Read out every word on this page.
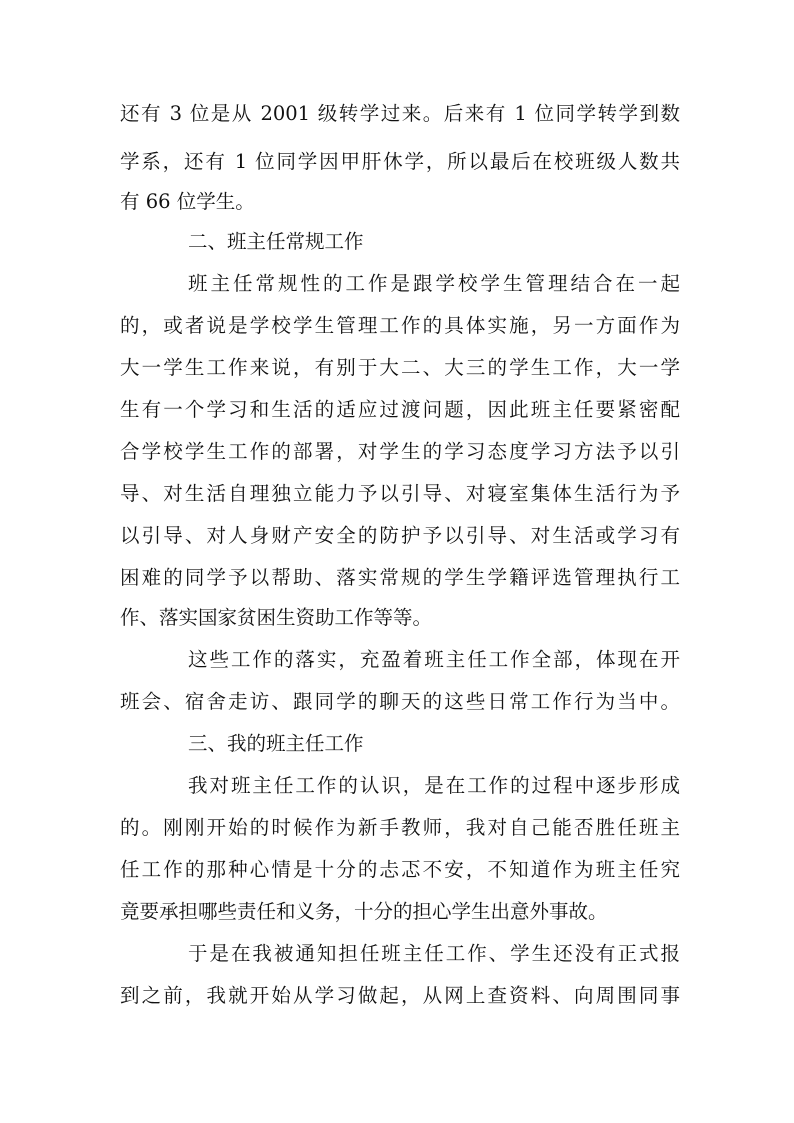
还有 3 位是从 2001 级转学过来。后来有 1 位同学转学到数
学系，还有 1 位同学因甲肝休学，所以最后在校班级人数共
有 66 位学生。
二、班主任常规工作
班主任常规性的工作是跟学校学生管理结合在一起
的，或者说是学校学生管理工作的具体实施，另一方面作为
大一学生工作来说，有别于大二、大三的学生工作，大一学
生有一个学习和生活的适应过渡问题，因此班主任要紧密配
合学校学生工作的部署，对学生的学习态度学习方法予以引
导、对生活自理独立能力予以引导、对寝室集体生活行为予
以引导、对人身财产安全的防护予以引导、对生活或学习有
困难的同学予以帮助、落实常规的学生学籍评选管理执行工
作、落实国家贫困生资助工作等等。
这些工作的落实，充盈着班主任工作全部，体现在开
班会、宿舍走访、跟同学的聊天的这些日常工作行为当中。
三、我的班主任工作
我对班主任工作的认识，是在工作的过程中逐步形成
的。刚刚开始的时候作为新手教师，我对自己能否胜任班主
任工作的那种心情是十分的忐忑不安，不知道作为班主任究
竟要承担哪些责任和义务，十分的担心学生出意外事故。
于是在我被通知担任班主任工作、学生还没有正式报
到之前，我就开始从学习做起，从网上查资料、向周围同事
